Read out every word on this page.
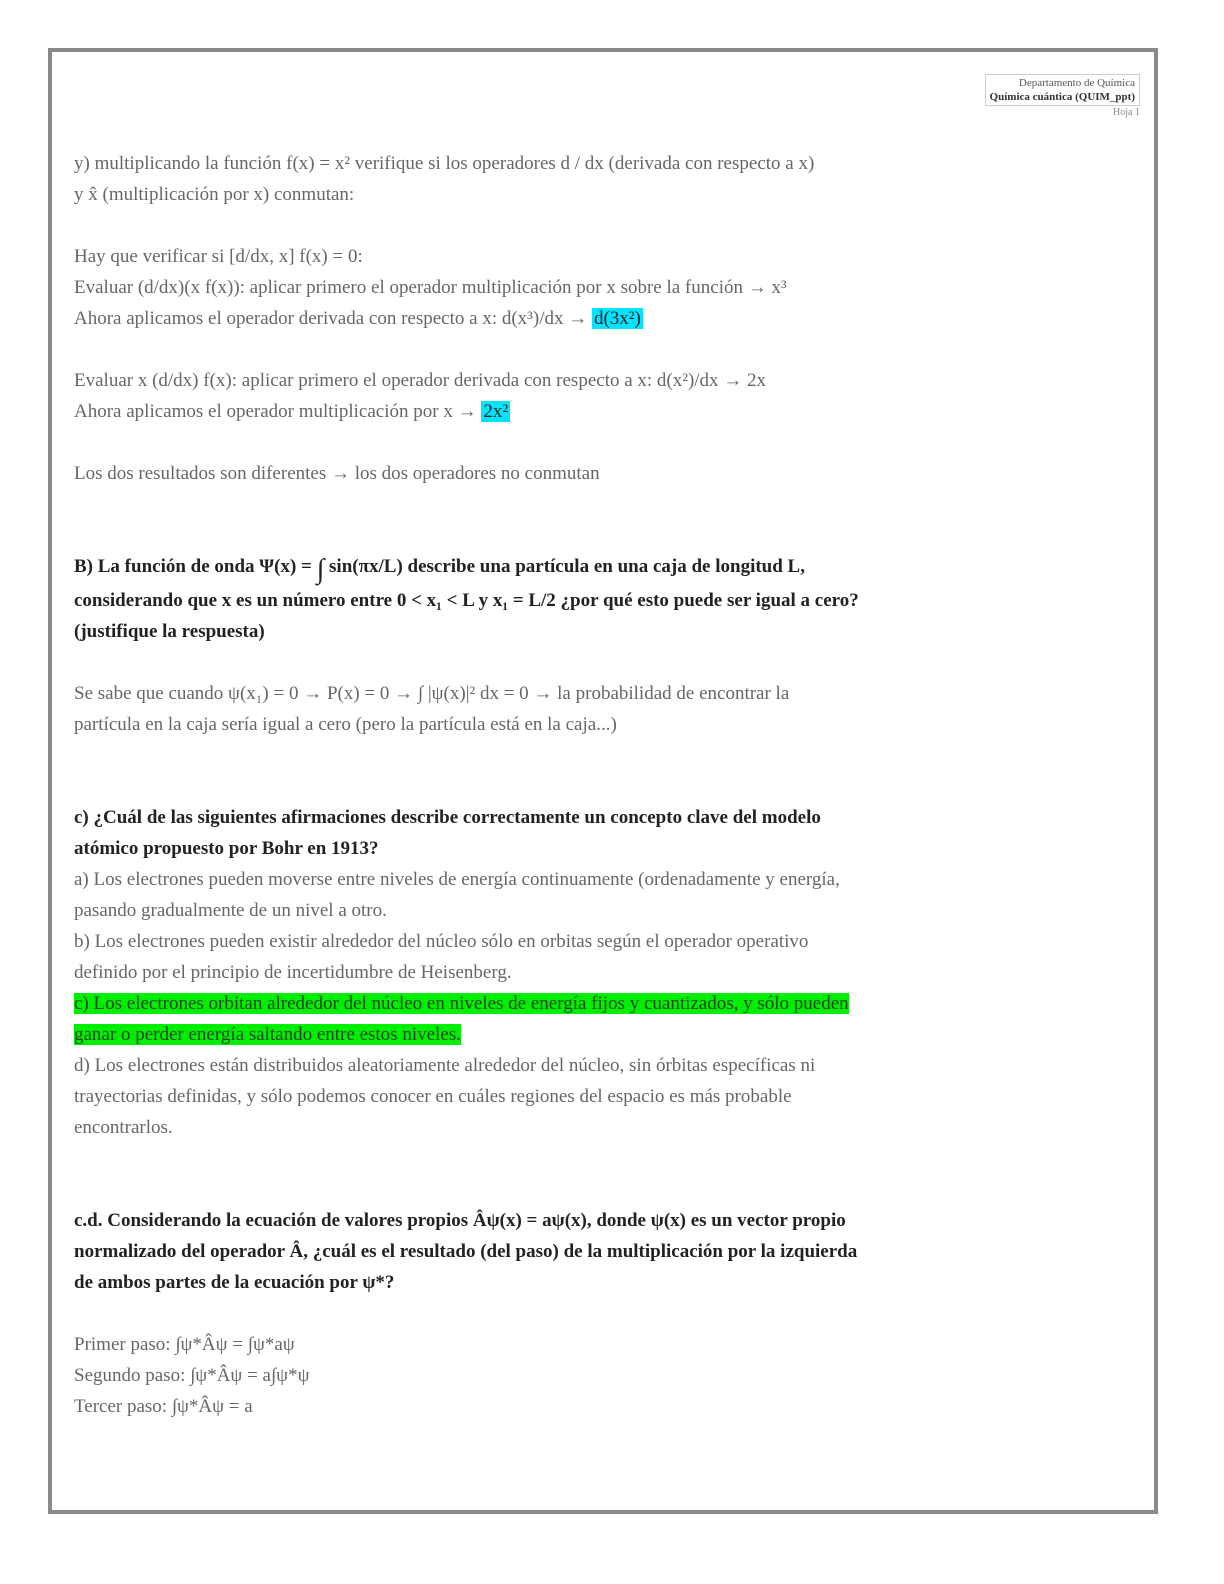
Departamento de Química
Química cuántica (QUIM_ppt)
Hoja 1

y) multiplicando la función f(x) = x² verifique si los operadores d / dx (derivada con respecto a x)

y x̂ (multiplicación por x) conmutan:

Hay que verificar si [d/dx, x] f(x) = 0:

Evaluar (d/dx)(x f(x)): aplicar primero el operador multiplicación por x sobre la función → x³

Ahora aplicamos el operador derivada con respecto a x: d(x³)/dx → d(3x²)

Evaluar x (d/dx) f(x): aplicar primero el operador derivada con respecto a x: d(x²)/dx → 2x

Ahora aplicamos el operador multiplicación por x → 2x²

Los dos resultados son diferentes → los dos operadores no conmutan

B) La función de onda Ψ(x) = ∫ sin(πx/L) describe una partícula en una caja de longitud L,

considerando que x es un número entre 0 < x₁ < L y x₁ = L/2 ¿por qué esto puede ser igual a cero?

(justifique la respuesta)

Se sabe que cuando ψ(x₁) = 0 → P(x) = 0 → ∫ |ψ(x)|² dx = 0 → la probabilidad de encontrar la

partícula en la caja sería igual a cero (pero la partícula está en la caja...)

c) ¿Cuál de las siguientes afirmaciones describe correctamente un concepto clave del modelo

atómico propuesto por Bohr en 1913?

a) Los electrones pueden moverse entre niveles de energía continuamente (ordenadamente y energía,

pasando gradualmente de un nivel a otro.

b) Los electrones pueden existir alrededor del núcleo sólo en orbitas según el operador operativo

definido por el principio de incertidumbre de Heisenberg.

c) Los electrones orbitan alrededor del núcleo en niveles de energía fijos y cuantizados, y sólo pueden

ganar o perder energía saltando entre estos niveles.

d) Los electrones están distribuidos aleatoriamente alrededor del núcleo, sin órbitas específicas ni

trayectorias definidas, y sólo podemos conocer en cuáles regiones del espacio es más probable

encontrarlos.

c.d. Considerando la ecuación de valores propios Âψ(x) = aψ(x), donde ψ(x) es un vector propio

normalizado del operador Â, ¿cuál es el resultado (del paso) de la multiplicación por la izquierda

de ambos partes de la ecuación por ψ*?

Primer paso: ∫ψ*Âψ = ∫ψ*aψ

Segundo paso: ∫ψ*Âψ = a∫ψ*ψ

Tercer paso: ∫ψ*Âψ = a
